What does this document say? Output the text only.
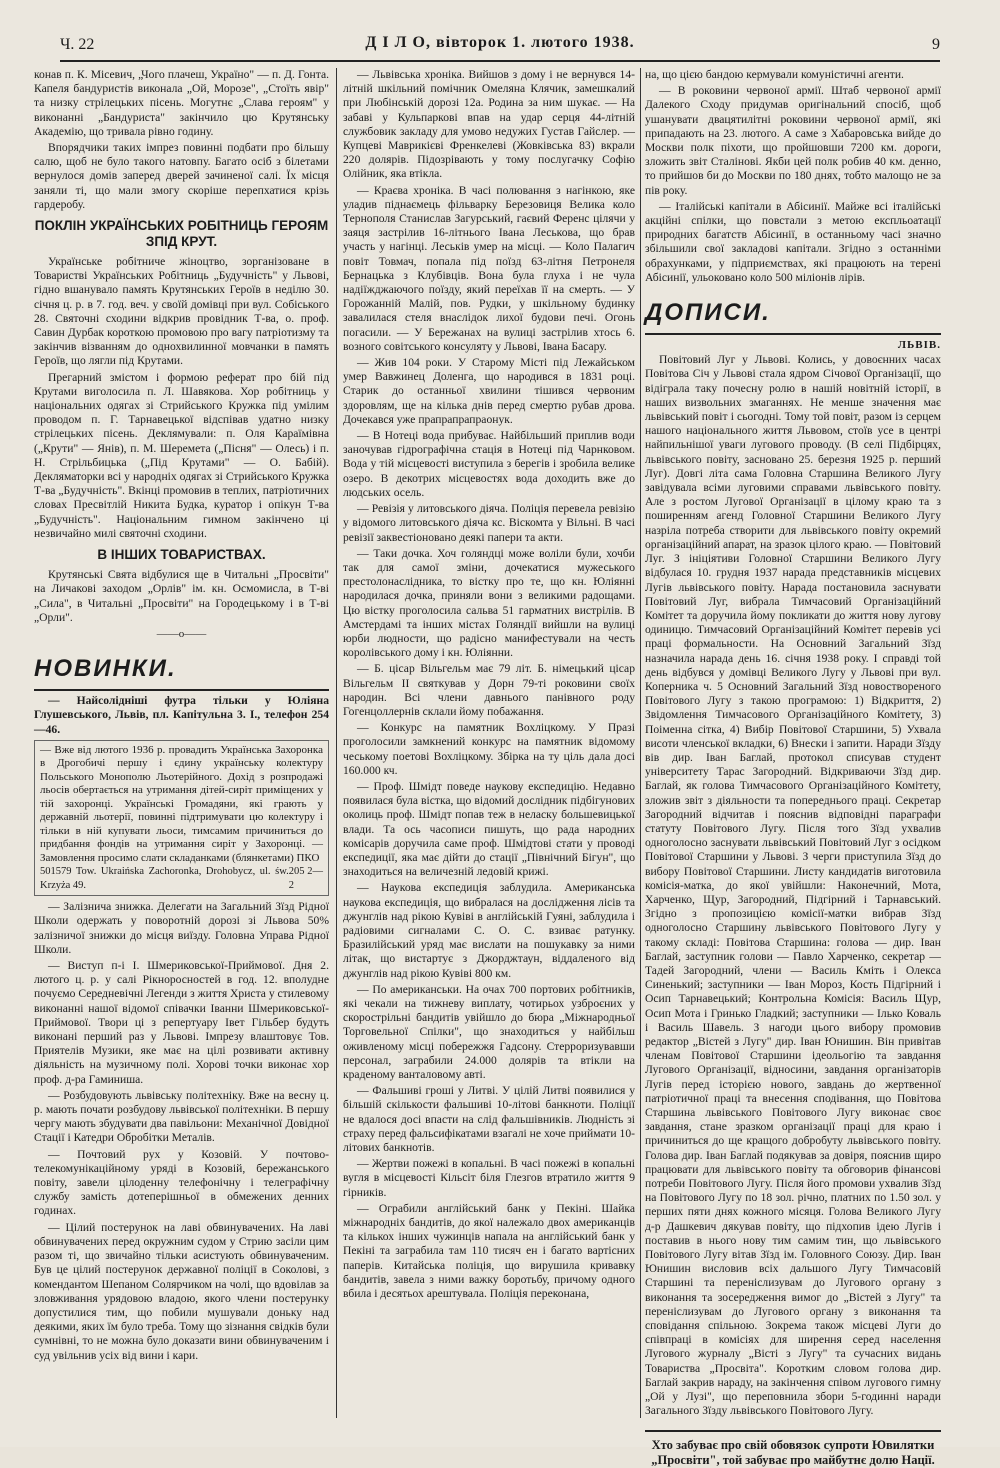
Ч. 22	Д І Л О, вівторок 1. лютого 1938.	9

конав п. К. Місевич, „Чого плачеш, Україно" — п. Д. Гонта. Капеля бандуристів виконала „Ой, Морозе", „Стоїть явір" та низку стрілецьких пісень. Могутнє „Слава героям" у виконанні „Бандуриста" закінчило цю Крутянську Академію, що тривала рівно годину.

Впорядчики таких імпрез повинні подбати про більшу салю, щоб не було такого натовпу. Багато осіб з білетами вернулося домів заперед дверей зачиненої салі. Їх місця заняли ті, що мали змогу скоріше перепхатися крізь гардеробу.

ПОКЛІН УКРАЇНСЬКИХ РОБІТНИЦЬ ГЕРОЯМ ЗПІД КРУТ.

Українське робітниче жіноцтво, зорганізоване в Товаристві Українських Робітниць „Будучність" у Львові, гідно вшанувало память Крутянських Героїв в неділю 30. січня ц. р. в 7. год. веч. у своїй домівці при вул. Собіського 28. Святочні сходини відкрив провідник Т-ва, о. проф. Савин Дурбак короткою промовою про вагу патріотизму та закінчив візванням до однохвилинної мовчанки в память Героїв, що лягли під Крутами.

Прегарний змістом і формою реферат про бій під Крутами виголосила п. Л. Шавякова. Хор робітниць у національних одягах зі Стрийського Кружка під умілим проводом п. Г. Тарнавецької відспівав удатно низку стрілецьких пісень. Деклямували: п. Оля Караїмівна („Крути" — Янів), п. М. Шеремета („Пісня" — Олесь) і п. Н. Стрільбицька („Під Крутами" — О. Бабій). Декляматорки всі у народніх одягах зі Стрийського Кружка Т-ва „Будучність". Вкінці промовив в теплих, патріотичних словах Пресвітлій Никита Будка, куратор і опікун Т-ва „Будучність". Національним гимном закінчено ці незвичайно милі святочні сходини.

В ІНШИХ ТОВАРИСТВАХ.

Крутянські Свята відбулися ще в Читальні „Просвіти" на Личакові заходом „Орлів" ім. кн. Осмомисла, в Т-ві „Сила", в Читальні „Просвіти" на Городецькому і в Т-ві „Орли".

——о——
НОВИНКИ.

— Найсолідніші футра тільки у Юліяна Глушевського, Львів, пл. Капітульна 3. І., телефон 254—46.

— Вже від лютого 1936 р. провадить Українська Захоронка в Дрогобичі першу і єдину українську колектуру Польського Монополю Льотерійного. Дохід з розпродажі льосів обертається на утримання дітей-сиріт приміщених у тій захоронці. Українські Громадяни, які грають у державній льотерії, повинні підтримувати цю колектуру і тільки в ній купувати льоси, тимсамим причиниться до придбання фондів на утримання сиріт у Захоронці. — Замовлення просимо слати складанками (блянкетами) ПКО
501579 Tow. Ukraińska Zachoronka, Drohobycz, ul. św. Krzyża 49.
205 2—2

— Залізнича знижка. Делегати на Загальний Зїзд Рідної Школи одержать у поворотній дорозі зі Львова 50% залізничої знижки до місця виїзду. Головна Управа Рідної Школи.

— Виступ п-і І. Шмериковської-Приймової. Дня 2. лютого ц. р. у салі Рікноросностей в год. 12. вполудне почуємо Середневічні Легенди з життя Христа у стилевому виконанні нашої відомої співачки Іванни Шмериковської-Приймової. Твори ці з репертуару Івет Гільбер будуть виконані перший раз у Львові. Імпрезу влаштовує Тов. Приятелів Музики, яке має на цілі розвивати активну діяльність на музичному полі. Хорові точки виконає хор проф. д-ра Гаминиша.

— Розбудовують львівську політехніку. Вже на весну ц. р. мають почати розбудову львівської політехніки. В першу чергу мають збудувати два павільони: Механічної Довідної Стації і Катедри Обробітки Металів.

— Почтовий рух у Козовій. У почтово-телекомунікаційному уряді в Козовій, бережанського повіту, завели цілоденну телефонічну і телеграфічну службу замість дотеперішньої в обмежених денних годинах.

— Цілий постерунок на лаві обвинувачених. На лаві обвинувачених перед окружним судом у Стрию засіли цим разом ті, що звичайно тільки асистують обвинуваченим. Був це цілий постерунок державної поліції в Соколові, з комендантом Шепаном Солярчиком на чолі, що вдовілав за зловживання урядовою владою, якого члени постерунку допустилися тим, що побили мушували доньку над деякими, яких їм було треба. Тому що зізнання свідків були сумнівні, то не можна було доказати вини обвинуваченим і суд увільнив усіх від вини і кари.

— Львівська хроніка. Вийшов з дому і не вернувся 14-літній шкільний помічник Омеляна Клячик, замешкалий при Любінській дорозі 12а. Родина за ним шукає. — На забаві у Кульпаркові впав на удар серця 44-літній службовик закладу для умово недужих Густав Гайслер. — Купцеві Маврикієві Френкелеві (Жовківська 83) вкрали 220 долярів. Підозрівають у тому послугачку Софію Олійник, яка втікла.

— Краєва хроніка. В часі полювання з нагінкою, яке уладив піднаємець фільварку Березовиця Велика коло Тернополя Станислав Загурський, гаєвий Ференс цілячи у заяця застрілив 16-літнього Івана Леськова, що брав участь у нагінці. Леськів умер на місці. — Коло Палагич повіт Товмач, попала під поїзд 63-літня Петронеля Бернацька з Клубівців. Вона була глуха і не чула надіїжджаючого поїзду, який переїхав її на смерть. — У Горожанній Малій, пов. Рудки, у шкільному будинку завалилася стеля внаслідок лихої будови печі. Огонь погасили. — У Бережанах на вулиці застрілив хтось 6. возного совітського консуляту у Львові, Івана Басару.

— Жив 104 роки. У Старому Місті під Лежайськом умер Вавжинец Доленга, що народився в 1831 році. Старик до останньої хвилини тішився червоним здоровлям, ще на кілька днів перед смертю рубав дрова. Дочекався уже прапрапрапраонук.

— В Нотеці вода прибуває. Найбільший приплив води заночував гідрографічна стація в Нотеці під Чарнковом. Вода у тій місцевості виступила з берегів і зробила велике озеро. В декотрих місцевостях вода доходить вже до людських осель.

— Ревізія у литовського діяча. Поліція перевела ревізію у відомого литовського діяча кс. Віскомта у Вільні. В часі ревізії заквестіоновано деякі папери та акти.

— Таки дочка. Хоч голяндці може воліли були, хочби так для самої зміни, дочекатися мужеського престолонаслідника, то вістку про те, що кн. Юліянні народилася дочка, приняли вони з великими радощами. Цю вістку проголосила сальва 51 гарматних вистрілів. В Амстердамі та інших містах Голяндії вийшли на вулиці юрби людности, що радісно манифестували на честь королівського дому і кн. Юліянни.

— Б. цісар Вільгельм має 79 літ. Б. німецький цісар Вільгельм ІІ святкував у Дорн 79-ті роковини своїх народин. Всі члени давнього панівного роду Гогенцоллернів склали йому побажання.

— Конкурс на памятник Вохліцкому. У Празі проголосили замкнений конкурс на памятник відомому чеському поетові Вохліцкому. Збірка на ту ціль дала досі 160.000 кч.

— Проф. Шмідт поведе наукову експедицію. Недавно появилася була вістка, що відомий дослідник підбігунових околиць проф. Шмідт попав теж в неласку большевицької влади. Та ось часописи пишуть, що рада народних комісарів доручила саме проф. Шмідтові стати у проводі експедиції, яка має дійти до стації „Північний Бігун", що знаходиться на величезній ледовій крижі.

— Наукова експедиція заблудила. Американська наукова експедиція, що вибралася на дослідження лісів та джунглів над рікою Кувіві в англійській Гуяні, заблудила і радіовими сигналами С. О. С. взиває ратунку. Бразилійський уряд має вислати на пошукавку за ними літак, що вистартує з Джорджтаун, віддаленого від джунглів над рікою Кувіві 800 км.

— По американськи. На очах 700 портових робітників, які чекали на тижневу виплату, чотирьох узброєних у скорострільні бандитів увійшло до бюра „Міжнародньої Торговельної Спілки", що знаходиться у найбільш оживленому місці побережжя Гадсону. Стерроризувавши персонал, заграбили 24.000 долярів та втікли на краденому ванталовому авті.

— Фальшиві гроші у Литві. У цілій Литві появилися у більшій скількости фальшиві 10-літові банкноти. Поліції не вдалося досі впасти на слід фальшівників. Людність зі страху перед фальсифікатами взагалі не хоче приймати 10-літових банкнотів.

— Жертви пожежі в копальні. В часі пожежі в копальні вугля в місцевості Кільсіт біля Глезгов втратило життя 9 гірників.

— Ограбили англійський банк у Пекіні. Шайка міжнародніх бандитів, до якої належало двох американців та кількох інших чужинців напала на англійський банк у Пекіні та заграбила там 110 тисяч ен і багато вартісних паперів. Китайська поліція, що вирушила кривавку бандитів, завела з ними важку боротьбу, причому одного вбила і десятьох арештувала. Поліція переконана,

на, що цією бандою кермували комуністичні агенти.

— В роковини червоної армії. Штаб червоної армії Далекого Сходу придумав оригінальний спосіб, щоб ушанувати двацятилітні роковини червоної армії, які припадають на 23. лютого. А саме з Хабаровська вийде до Москви полк піхоти, що пройшовши 7200 км. дороги, зложить звіт Сталінові. Якби цей полк робив 40 км. денно, то прийшов би до Москви по 180 днях, тобто малощо не за пів року.

— Італійські капітали в Абісинії. Майже всі італійські акційні спілки, що повстали з метою експльоатації природних багатств Абісинії, в останньому часі значно збільшили свої закладові капітали. Згідно з останніми обрахунками, у підприємствах, які працюють на терені Абісинії, ульоковано коло 500 міліонів лірів.

ДОПИСИ.
ЛЬВІВ.

Повітовий Луг у Львові. Колись, у довоєнних часах Повітова Січ у Львові стала ядром Січової Організації, що відіграла таку почесну ролю в нашій новітній історії, в наших визвольних змаганнях. Не менше значення має львівський повіт і сьогодні. Тому той повіт, разом із серцем нашого національного життя Львовом, стоїв усе в центрі найпильнішої уваги лугового проводу. (В селі Підбірцях, львівського повіту, засновано 25. березня 1925 р. перший Луг). Довгі літа сама Головна Старшина Великого Лугу завідувала всіми луговими справами львівського повіту. Але з ростом Лугової Організації в цілому краю та з поширенням агенд Головної Старшини Великого Лугу назріла потреба створити для львівського повіту окремий організаційний апарат, на зразок цілого краю. — Повітовий Луг. З ініціятиви Головної Старшини Великого Лугу відбулася 10. грудня 1937 нарада представників місцевих Лугів львівського повіту. Нарада постановила заснувати Повітовий Луг, вибрала Тимчасовий Організаційний Комітет та доручила йому покликати до життя нову лугову одиницю. Тимчасовий Організаційний Комітет перевів усі праці формальности. На Основний Загальний Зїзд назначила нарада день 16. січня 1938 року. І справді той день відбувся у домівці Великого Лугу у Львові при вул. Коперника ч. 5 Основний Загальний Зїзд новоствореного Повітового Лугу з такою програмою: 1) Відкриття, 2) Звідомлення Тимчасового Організаційного Комітету, 3) Поіменна сітка, 4) Вибір Повітової Старшини, 5) Ухвала висоти членської вкладки, 6) Внески і запити. Наради Зїзду вів дир. Іван Баглай, протокол списував студент університету Тарас Загородний. Відкриваючи Зїзд дир. Баглай, як голова Тимчасового Організаційного Комітету, зложив звіт з діяльности та попереднього праці. Секретар Загородний відчитав і пояснив відповідні параграфи статуту Повітового Лугу. Після того Зїзд ухвалив одноголосно заснувати львівський Повітовий Луг з осідком Повітової Старшини у Львові. З черги приступила Зїзд до вибору Повітової Старшини. Листу кандидатів виготовила комісія-матка, до якої увійшли: Наконечний, Мота, Харченко, Щур, Загородний, Підгірний і Тарнавський. Згідно з пропозицією комісії-матки вибрав Зїзд одноголосно Старшину львівського Повітового Лугу у такому складі: Повітова Старшина: голова — дир. Іван Баглай, заступник голови — Павло Харченко, секретар — Тадей Загородний, члени — Василь Кміть і Олекса Синенький; заступники — Іван Мороз, Кость Підгірний і Осип Тарнавецький; Контрольна Комісія: Василь Щур, Осип Мота і Гринько Гладкий; заступники — Ілько Коваль і Василь Шавель. З нагоди цього вибору промовив редактор „Вістей з Лугу" дир. Іван Юнишин. Він привітав членам Повітової Старшини ідеольогію та завдання Лугового Організації, відносини, завдання організаторів Лугів перед історією нового, завдань до жертвенної патріотичної праці та внесення сподівання, що Повітова Старшина львівського Повітового Лугу виконає своє завдання, стане зразком організації праці для краю і причиниться до ще кращого добробуту львівського повіту. Голова дир. Іван Баглай подякував за довіря, пояснив щиро працювати для львівського повіту та обговорив фінансові потреби Повітового Лугу. Після його промови ухвалив Зїзд на Повітового Лугу по 18 зол. річно, платних по 1.50 зол. у перших пяти днях кожного місяця. Голова Великого Лугу д-р Дашкевич дякував повіту, що підхопив ідею Лугів і поставив в нього нову тим самим тин, що львівського Повітового Лугу вітав Зїзд ім. Головного Союзу. Дир. Іван Юнишин висловив всіх дальшого Лугу Тимчасовій Старшині та переніслизувам до Лугового органу з виконання та зосередження вимог до „Вістей з Лугу" та переніслизувам до Лугового органу з виконання та сповідання спільною. Зокрема також місцеві Луги до співпраці в комісіях для ширення серед населення Лугового журналу „Вісті з Лугу" та сучасних видань Товариства „Просвіта". Коротким словом голова дир. Баглай закрив нараду, на закінчення співом лугового гимну „Ой у Лузі", що переповнила збори 5-годинні наради Загального Зїзду львівського Повітового Лугу.

Хто забуває про свій обовязок супроти Ювилятки „Просвіти", той забуває про майбутнє долю Нації.
